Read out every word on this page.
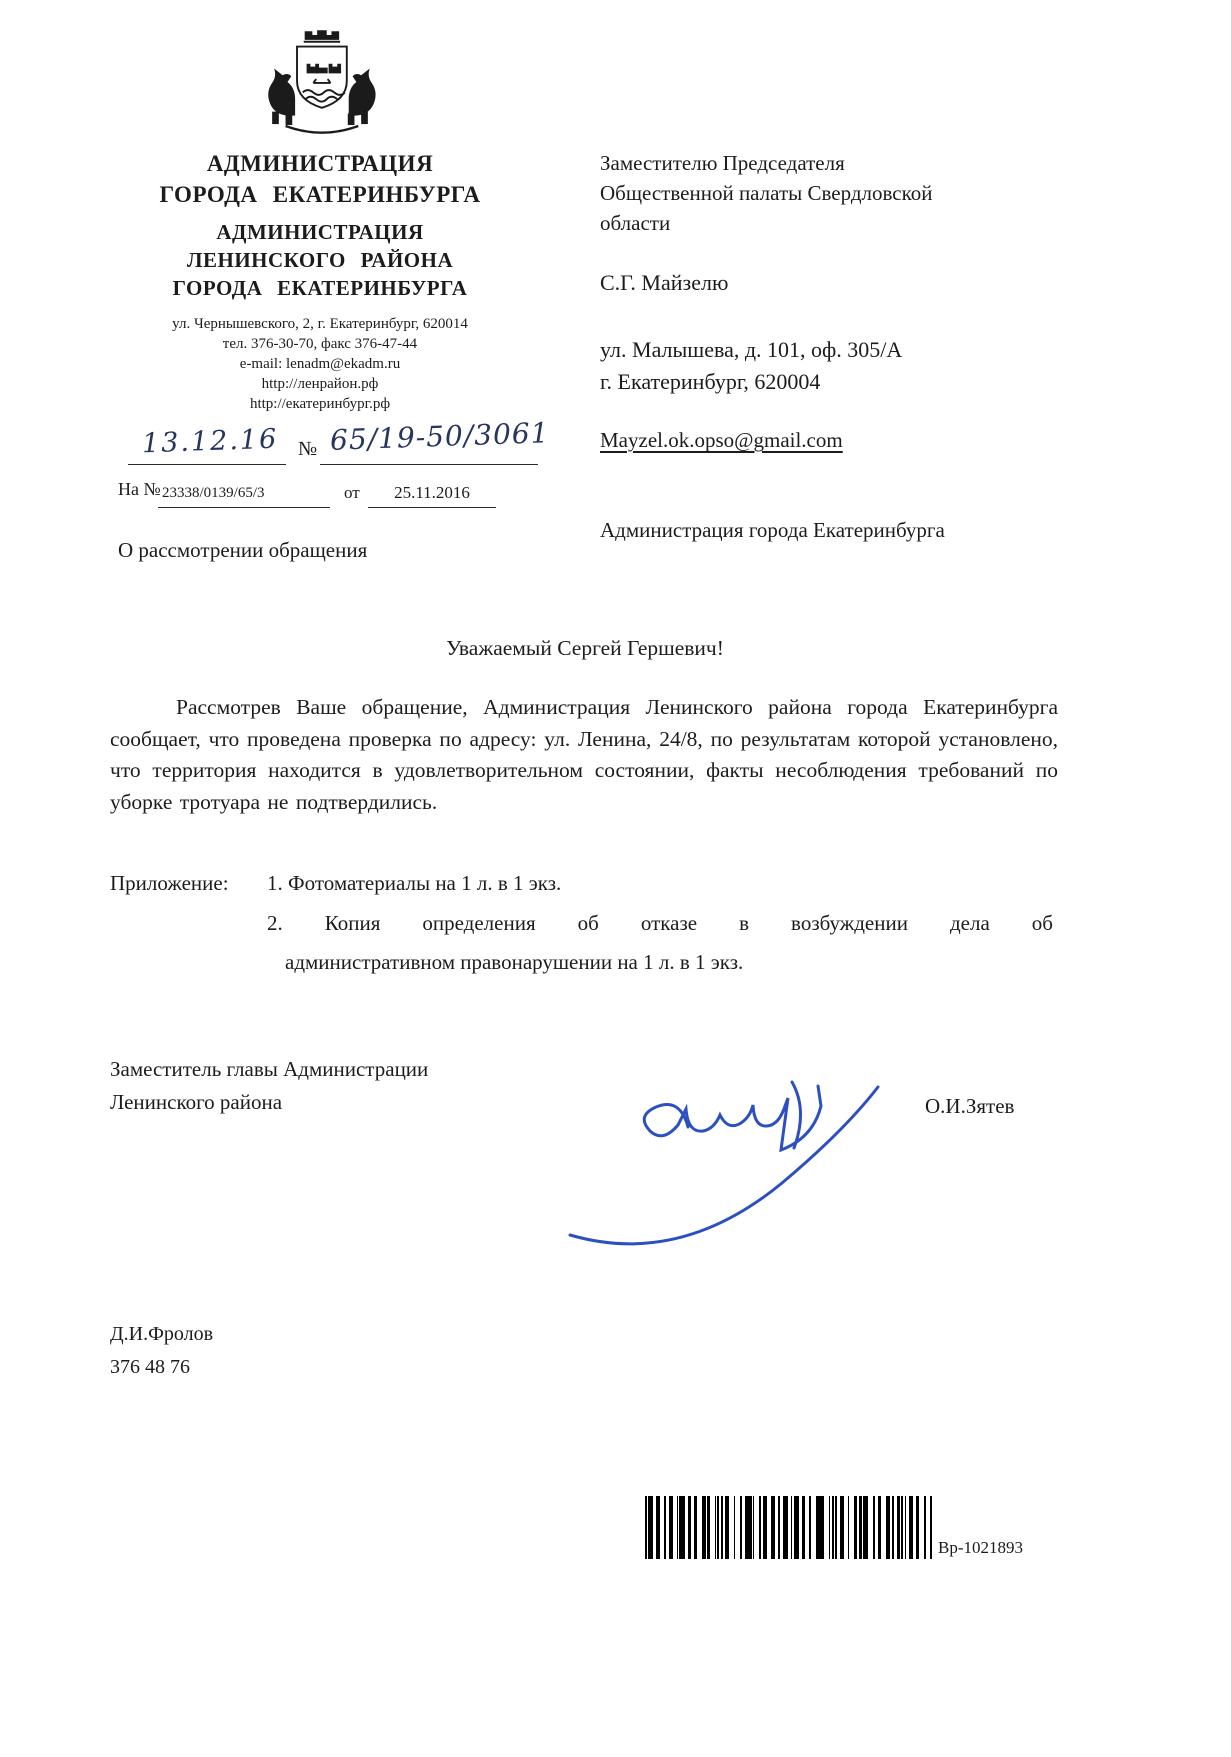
АДМИНИСТРАЦИЯ
ГОРОДА ЕКАТЕРИНБУРГА
АДМИНИСТРАЦИЯ
ЛЕНИНСКОГО РАЙОНА
ГОРОДА ЕКАТЕРИНБУРГА
ул. Чернышевского, 2, г. Екатеринбург, 620014
тел. 376-30-70, факс 376-47-44
e-mail: lenadm@ekadm.ru
http://ленрайон.рф
http://екатеринбург.рф
13.12.16 № 65/19-50/3061
На № 23338/0139/65/3	от	25.11.2016
О рассмотрении обращения
Заместителю Председателя
Общественной палаты Свердловской
области
С.Г. Майзелю
ул. Малышева, д. 101, оф. 305/А
г. Екатеринбург, 620004
Mayzel.ok.opso@gmail.com
Администрация города Екатеринбурга
Уважаемый Сергей Гершевич!
Рассмотрев Ваше обращение, Администрация Ленинского района города Екатеринбурга сообщает, что проведена проверка по адресу: ул. Ленина, 24/8, по результатам которой установлено, что территория находится в удовлетворительном состоянии, факты несоблюдения требований по уборке тротуара не подтвердились.
Приложение: 1. Фотоматериалы на 1 л. в 1 экз.
2. Копия определения об отказе в возбуждении дела об
административном правонарушении на 1 л. в 1 экз.
Заместитель главы Администрации
Ленинского района	О.И.Зятев
Д.И.Фролов
376 48 76
Вр-1021893
